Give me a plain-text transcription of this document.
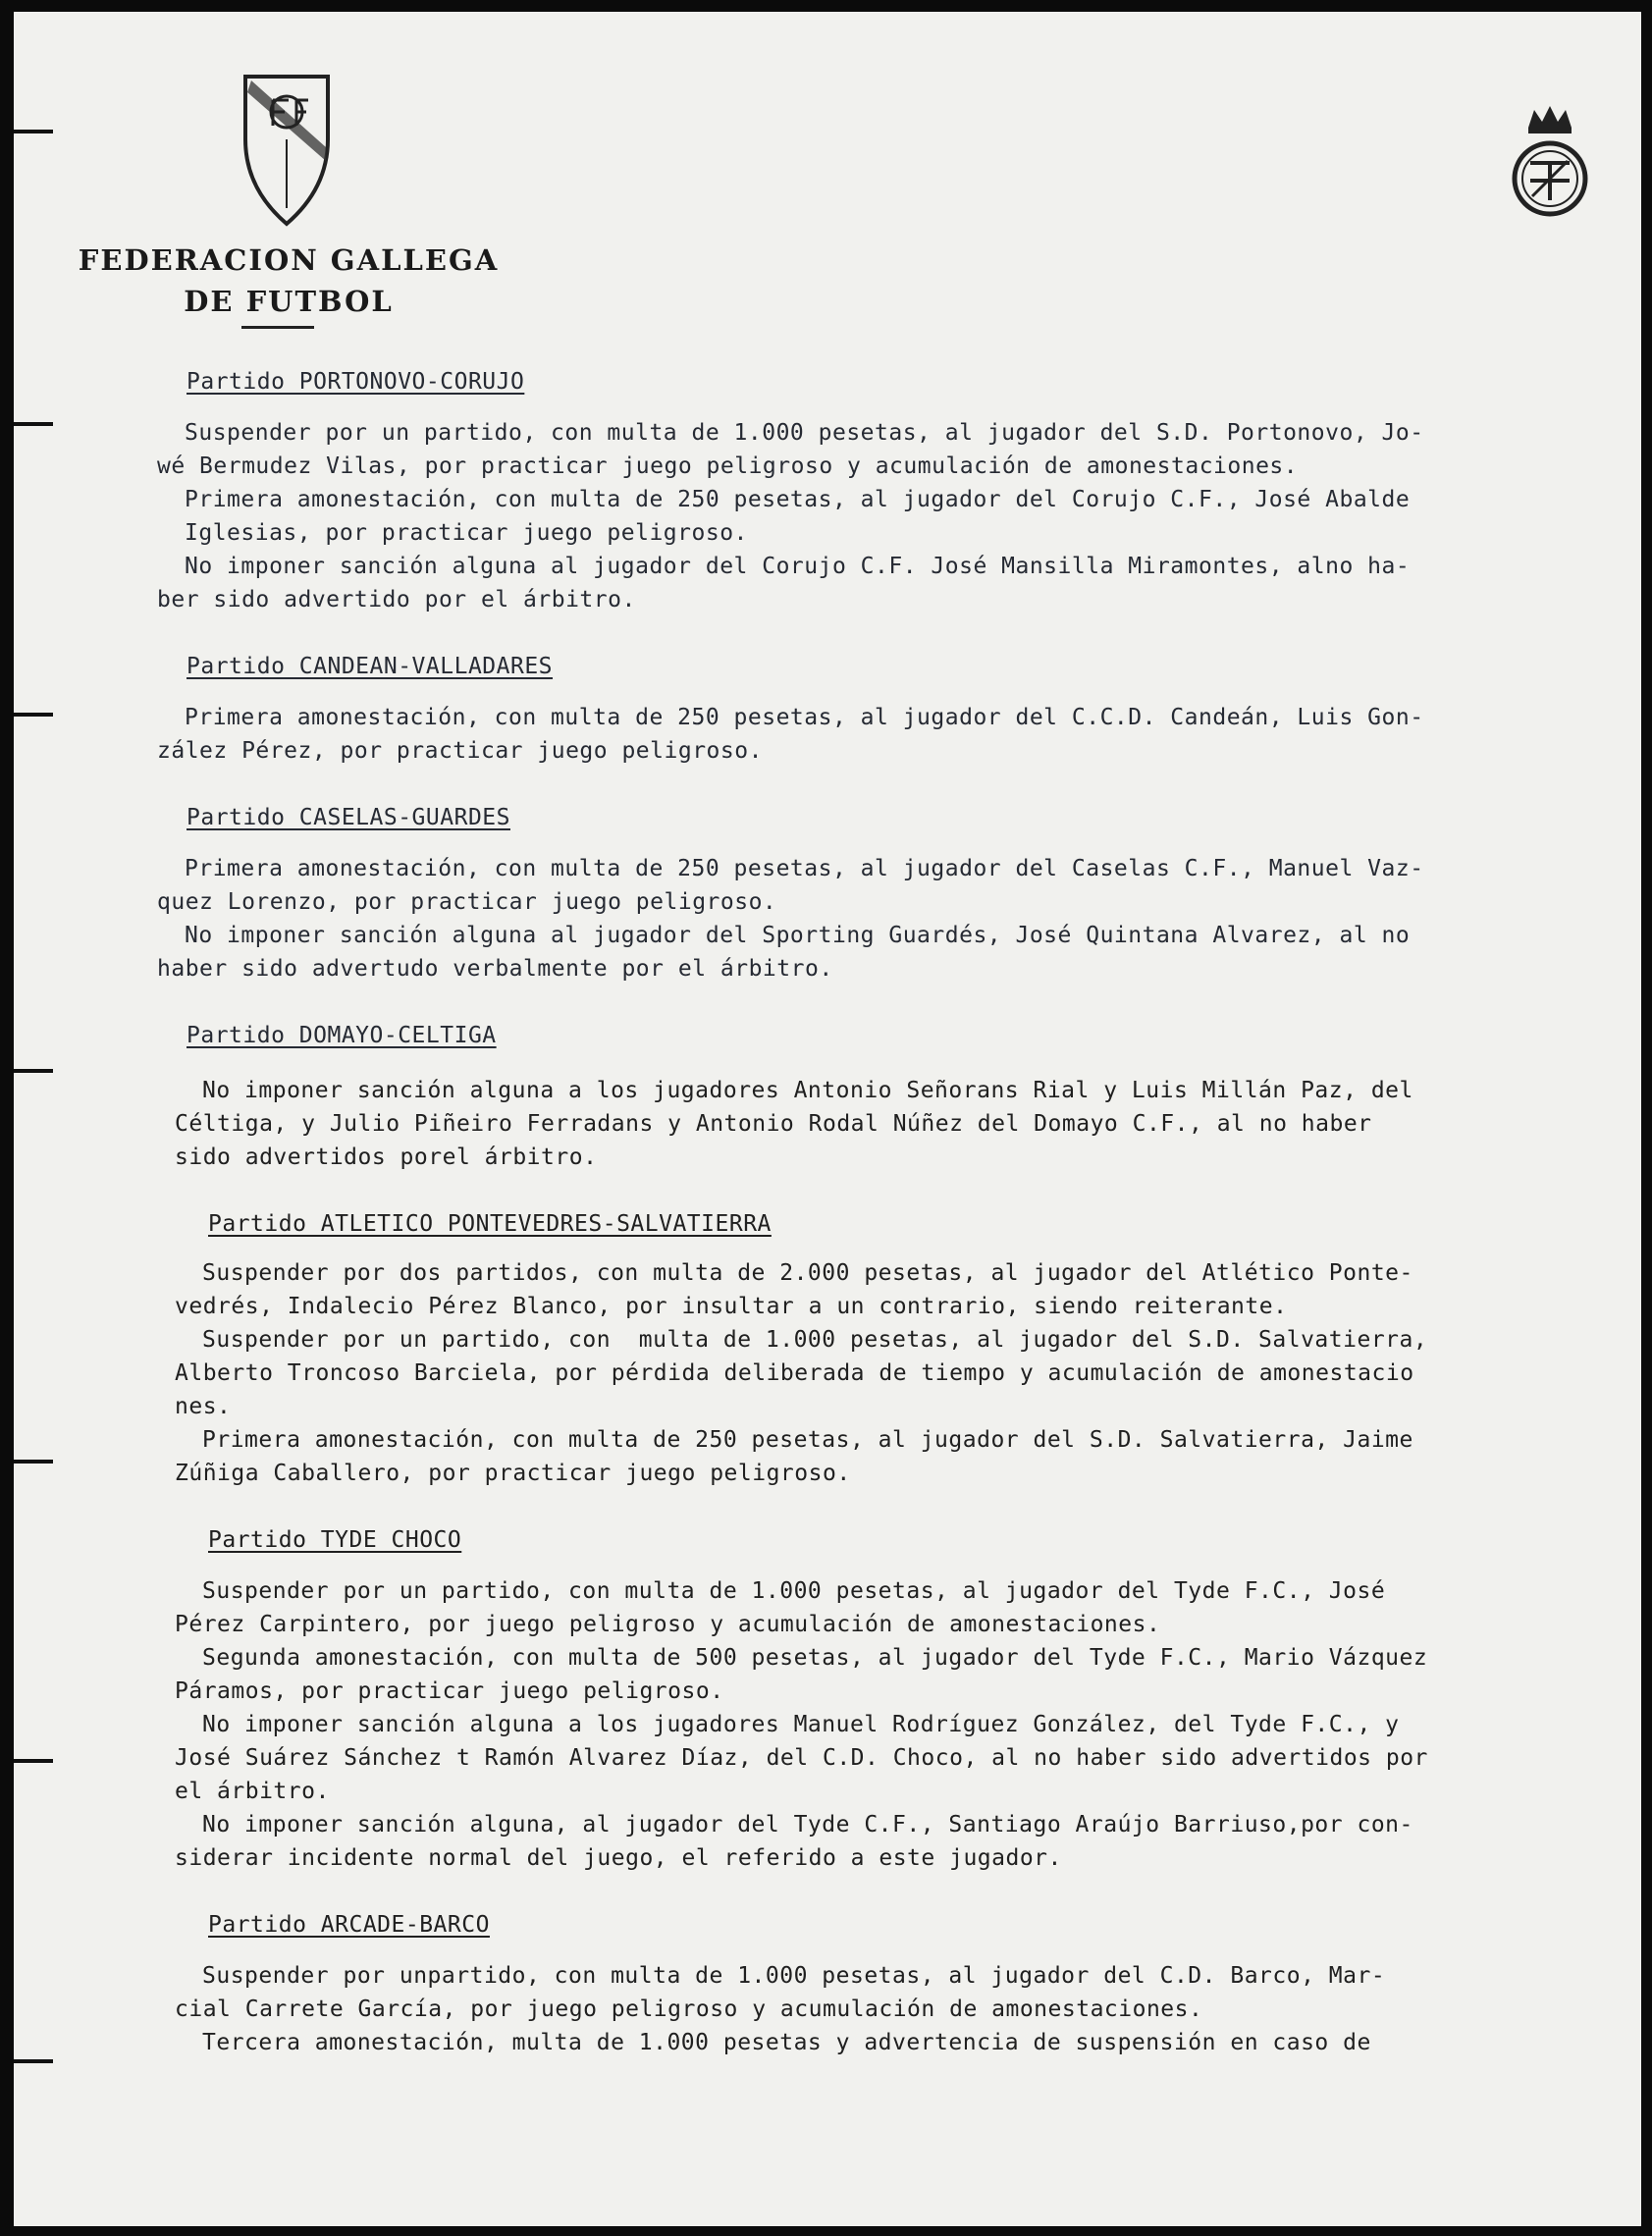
FEDERACION GALLEGA
DE FUTBOL
Partido PORTONOVO-CORUJO
Suspender por un partido, con multa de 1.000 pesetas, al jugador del S.D. Portonovo, Jo-
wé Bermudez Vilas, por practicar juego peligroso y acumulación de amonestaciones.
Primera amonestación, con multa de 250 pesetas, al jugador del Corujo C.F., José Abalde
Iglesias, por practicar juego peligroso.
No imponer sanción alguna al jugador del Corujo C.F. José Mansilla Miramontes, alno ha-
ber sido advertido por el árbitro.
Partido CANDEAN-VALLADARES
Primera amonestación, con multa de 250 pesetas, al jugador del C.C.D. Candeán, Luis Gon-
zález Pérez, por practicar juego peligroso.
Partido CASELAS-GUARDES
Primera amonestación, con multa de 250 pesetas, al jugador del Caselas C.F., Manuel Vaz-
quez Lorenzo, por practicar juego peligroso.
No imponer sanción alguna al jugador del Sporting Guardés, José Quintana Alvarez, al no
haber sido advertudo verbalmente por el árbitro.
Partido DOMAYO-CELTIGA
No imponer sanción alguna a los jugadores Antonio Señorans Rial y Luis Millán Paz, del
Céltiga, y Julio Piñeiro Ferradans y Antonio Rodal Núñez del Domayo C.F., al no haber
sido advertidos porel árbitro.
Partido ATLETICO PONTEVEDRES-SALVATIERRA
Suspender por dos partidos, con multa de 2.000 pesetas, al jugador del Atlético Ponte-
vedrés, Indalecio Pérez Blanco, por insultar a un contrario, siendo reiterante.
Suspender por un partido, con  multa de 1.000 pesetas, al jugador del S.D. Salvatierra,
Alberto Troncoso Barciela, por pérdida deliberada de tiempo y acumulación de amonestacio
nes.
Primera amonestación, con multa de 250 pesetas, al jugador del S.D. Salvatierra, Jaime
Zúñiga Caballero, por practicar juego peligroso.
Partido TYDE CHOCO
Suspender por un partido, con multa de 1.000 pesetas, al jugador del Tyde F.C., José
Pérez Carpintero, por juego peligroso y acumulación de amonestaciones.
Segunda amonestación, con multa de 500 pesetas, al jugador del Tyde F.C., Mario Vázquez
Páramos, por practicar juego peligroso.
No imponer sanción alguna a los jugadores Manuel Rodríguez González, del Tyde F.C., y
José Suárez Sánchez t Ramón Alvarez Díaz, del C.D. Choco, al no haber sido advertidos por
el árbitro.
No imponer sanción alguna, al jugador del Tyde C.F., Santiago Araújo Barriuso,por con-
siderar incidente normal del juego, el referido a este jugador.
Partido ARCADE-BARCO
Suspender por unpartido, con multa de 1.000 pesetas, al jugador del C.D. Barco, Mar-
cial Carrete García, por juego peligroso y acumulación de amonestaciones.
Tercera amonestación, multa de 1.000 pesetas y advertencia de suspensión en caso de
